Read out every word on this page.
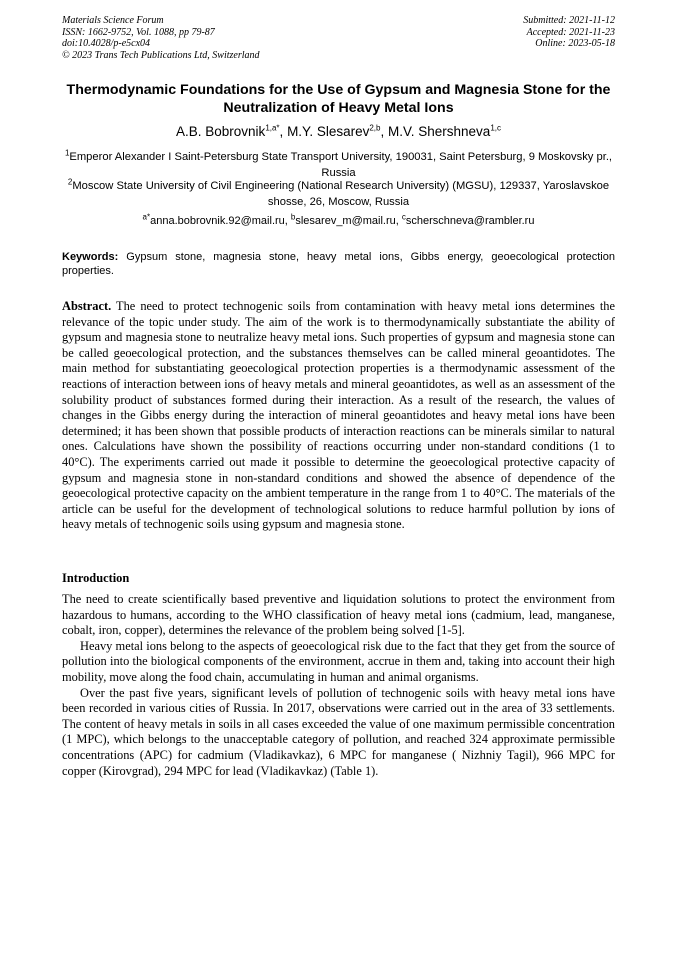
Materials Science Forum
ISSN: 1662-9752, Vol. 1088, pp 79-87
doi:10.4028/p-e5cx04
© 2023 Trans Tech Publications Ltd, Switzerland
Submitted: 2021-11-12
Accepted: 2021-11-23
Online: 2023-05-18
Thermodynamic Foundations for the Use of Gypsum and Magnesia Stone for the Neutralization of Heavy Metal Ions
A.B. Bobrovnik$^{1,a*}$, M.Y. Slesarev$^{2,b}$, M.V. Shershneva$^{1,c}$
$^1$Emperor Alexander I Saint-Petersburg State Transport University, 190031, Saint Petersburg, 9 Moskovsky pr., Russia
$^2$Moscow State University of Civil Engineering (National Research University) (MGSU), 129337, Yaroslavskoe shosse, 26, Moscow, Russia
$^{a*}$anna.bobrovnik.92@mail.ru, $^b$slesarev_m@mail.ru, $^c$scherschneva@rambler.ru
Keywords: Gypsum stone, magnesia stone, heavy metal ions, Gibbs energy, geoecological protection properties.
Abstract. The need to protect technogenic soils from contamination with heavy metal ions determines the relevance of the topic under study. The aim of the work is to thermodynamically substantiate the ability of gypsum and magnesia stone to neutralize heavy metal ions. Such properties of gypsum and magnesia stone can be called geoecological protection, and the substances themselves can be called mineral geoantidotes. The main method for substantiating geoecological protection properties is a thermodynamic assessment of the reactions of interaction between ions of heavy metals and mineral geoantidotes, as well as an assessment of the solubility product of substances formed during their interaction. As a result of the research, the values of changes in the Gibbs energy during the interaction of mineral geoantidotes and heavy metal ions have been determined; it has been shown that possible products of interaction reactions can be minerals similar to natural ones. Calculations have shown the possibility of reactions occurring under non-standard conditions (1 to 40°C). The experiments carried out made it possible to determine the geoecological protective capacity of gypsum and magnesia stone in non-standard conditions and showed the absence of dependence of the geoecological protective capacity on the ambient temperature in the range from 1 to 40°C. The materials of the article can be useful for the development of technological solutions to reduce harmful pollution by ions of heavy metals of technogenic soils using gypsum and magnesia stone.
Introduction

The need to create scientifically based preventive and liquidation solutions to protect the environment from hazardous to humans, according to the WHO classification of heavy metal ions (cadmium, lead, manganese, cobalt, iron, copper), determines the relevance of the problem being solved [1-5].

Heavy metal ions belong to the aspects of geoecological risk due to the fact that they get from the source of pollution into the biological components of the environment, accrue in them and, taking into account their high mobility, move along the food chain, accumulating in human and animal organisms.

Over the past five years, significant levels of pollution of technogenic soils with heavy metal ions have been recorded in various cities of Russia. In 2017, observations were carried out in the area of 33 settlements. The content of heavy metals in soils in all cases exceeded the value of one maximum permissible concentration (1 MPC), which belongs to the unacceptable category of pollution, and reached 324 approximate permissible concentrations (APC) for cadmium (Vladikavkaz), 6 MPC for manganese ( Nizhniy Tagil), 966 MPC for copper (Kirovgrad), 294 MPC for lead (Vladikavkaz) (Table 1).
